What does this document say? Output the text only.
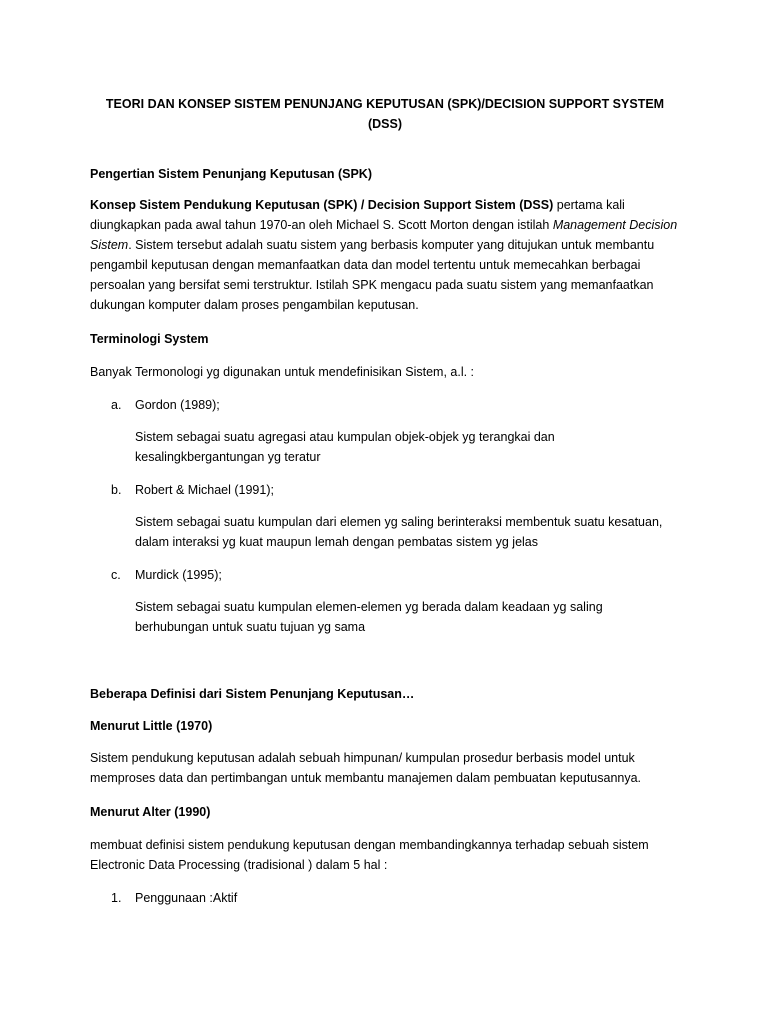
TEORI DAN KONSEP SISTEM PENUNJANG KEPUTUSAN (SPK)/DECISION SUPPORT SYSTEM
(DSS)

Pengertian Sistem Penunjang Keputusan (SPK)

Konsep Sistem Pendukung Keputusan (SPK) / Decision Support Sistem (DSS) pertama kali diungkapkan pada awal tahun 1970-an oleh Michael S. Scott Morton dengan istilah Management Decision Sistem. Sistem tersebut adalah suatu sistem yang berbasis komputer yang ditujukan untuk membantu pengambil keputusan dengan memanfaatkan data dan model tertentu untuk memecahkan berbagai persoalan yang bersifat semi terstruktur. Istilah SPK mengacu pada suatu sistem yang memanfaatkan dukungan komputer dalam proses pengambilan keputusan.

Terminologi System

Banyak Termonologi yg digunakan untuk mendefinisikan Sistem, a.l. :

a. Gordon (1989);

Sistem sebagai suatu agregasi atau kumpulan objek-objek yg terangkai dan
kesalingkbergantungan yg teratur

b. Robert & Michael (1991);

Sistem sebagai suatu kumpulan dari elemen yg saling berinteraksi membentuk suatu kesatuan,
dalam interaksi yg kuat maupun lemah dengan pembatas sistem yg jelas

c. Murdick (1995);

Sistem sebagai suatu kumpulan elemen-elemen yg berada dalam keadaan yg saling
berhubungan untuk suatu tujuan yg sama

Beberapa Definisi dari Sistem Penunjang Keputusan…

Menurut Little (1970)

Sistem pendukung keputusan adalah sebuah himpunan/ kumpulan prosedur berbasis model untuk
memproses data dan pertimbangan untuk membantu manajemen dalam pembuatan keputusannya.

Menurut Alter (1990)

membuat definisi sistem pendukung keputusan dengan membandingkannya terhadap sebuah sistem
Electronic Data Processing (tradisional ) dalam 5 hal :

1. Penggunaan :Aktif
